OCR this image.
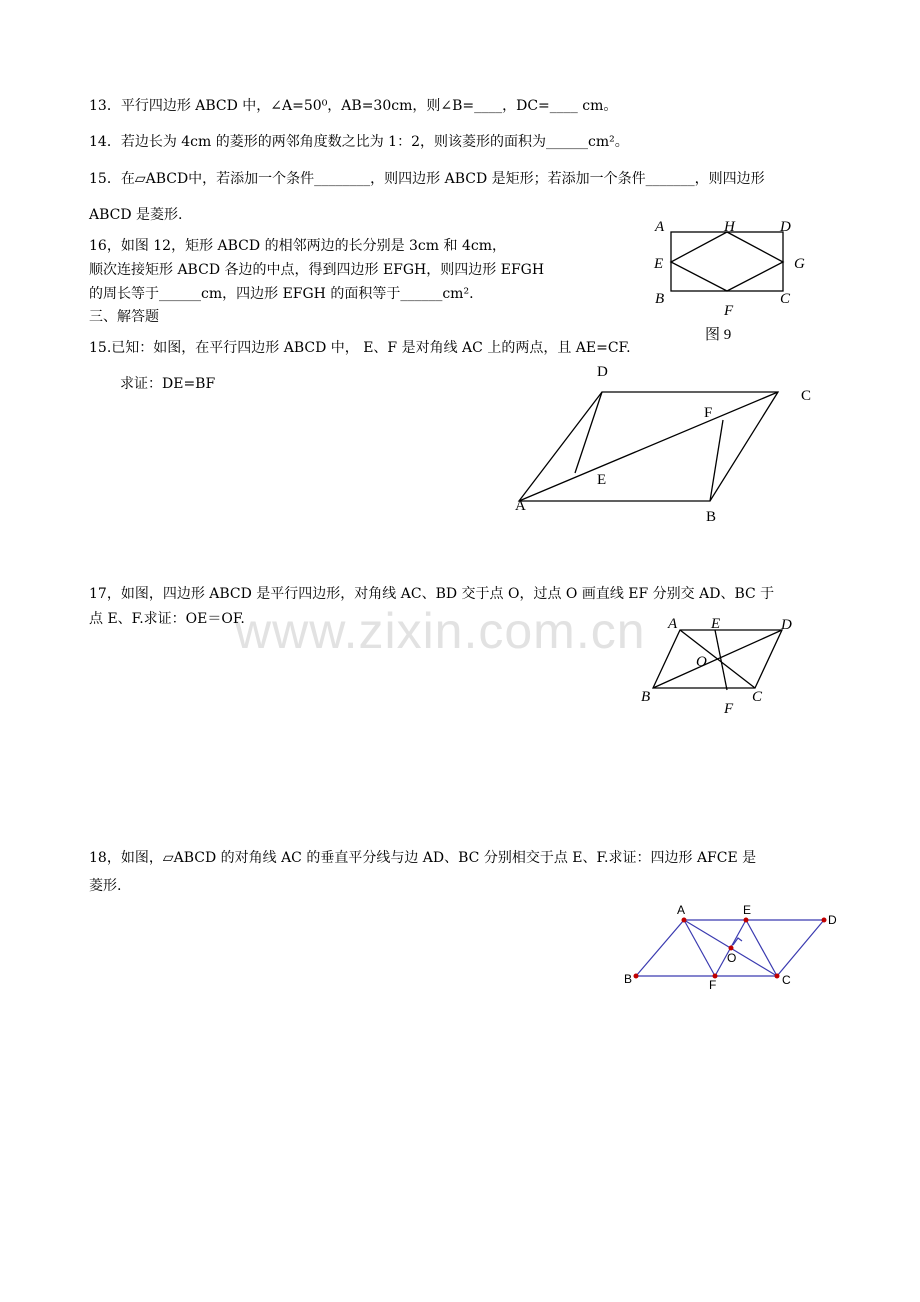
www.zixin.com.cn
13．平行四边形 ABCD 中，∠A=50⁰，AB=30cm，则∠B=____，DC=____ cm。
14．若边长为 4cm 的菱形的两邻角度数之比为 1：2，则该菱形的面积为______cm²。
15．在▱ABCD中，若添加一个条件________，则四边形 ABCD 是矩形；若添加一个条件_______，则四边形
ABCD 是菱形.
16，如图 12，矩形 ABCD 的相邻两边的长分别是 3cm 和 4cm，
顺次连接矩形 ABCD 各边的中点，得到四边形 EFGH，则四边形 EFGH
的周长等于______cm，四边形 EFGH 的面积等于______cm².
三、解答题
15.已知：如图，在平行四边形 ABCD 中， E、F 是对角线 AC 上的两点，且 AE=CF.
求证：DE=BF
17，如图，四边形 ABCD 是平行四边形，对角线 AC、BD 交于点 O，过点 O 画直线 EF 分别交 AD、BC 于
点 E、F.求证：OE＝OF.
18，如图，▱ABCD 的对角线 AC 的垂直平分线与边 AD、BC 分别相交于点 E、F.求证：四边形 AFCE 是
菱形.
A	H	D
E	G
B
F
C
图 9
D
C
F
E
A
B
A E	D
O
B	C
F
A	E
D
O
B	F	C
